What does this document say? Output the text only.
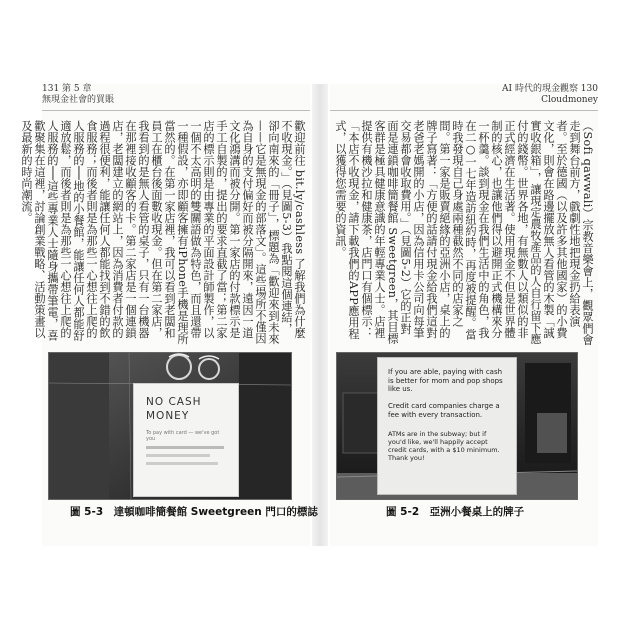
131 第 5 章
無現金社會的買賬
歡迎前往 bit.ly/cashless 了解我們為什麼不收現金。」（見圖5-3）我點閱這個連結，卻向南來的「冊子」，標題為「歡迎來到未來——它是無現金的部落文」。這些場所不僅因為自身的支付偏好而被分隔開來，遠因一道文化鴻溝而被分開。第一家店的付款標示是手工自製的，提出的要求直截了當；第二家店的標示則是由專業的平面設計師製作，以一個不太高明的雙關語做為特色，而且還帶一種假設，亦即顧客擁有iPhone手機是理所當然的。在第一家店裡，我可以看到老闆和員工在櫃台後面數收現金。但在第二家店，我看到的是無人看管的桌子，只有一台機器在那裡接收顧客的卡。第二家店是一個連鎖店，老闆建立的網站上，因為消費者付款的過程很便利，能讓任何人都能找到不錯的飲食服務；而後者則是為那些一心想往上爬的人服務的──地的小餐館，能讓任何人都能舒適放鬆，而後者則是為那些一心想往上爬的人服務的──這些專業人士隨身攜帶筆電，喜歡聚集在這裡，討論創業戰略、活動策畫以及最新的時尚潮流。
NO CASH
MONEY
To pay with card — we've got you
圖 5-3　達頓咖啡簡餐館 Sweetgreen 門口的標誌
AI 時代的現金觀察 130
Cloudmoney
（Sofi qawwali）宗教音樂會上，觀眾們會走到舞台前方，戲劇性地把現金扔給表演者。至於德國（以及許多其他國家）的小費文化，則會在路邊擺放無人看管的木製「誠實收銀箱」，讓現定農牧產品的人自行留下應付的錢幣。世界各地，有無數人以類似的非正式經濟在生活著。使用現金不但是世界體制的核心，也讓他們得以避開正式機構來分一杯羹。談到現金在我們生活中的角色，我在二○一七年造訪紐約時，再度被提醒。當時我發現自己身處兩種截然不同的店家之間。第一家是販賣絕緣的亞洲小店，桌上的牌子寫著：「方便的話請付現金給我們這對老爸老媽開的小店，因為信用卡公司向每筆交易都會收取費用。」（見圖5-2）它的正對面是連鎖咖啡簡餐館 Sweetgreen，其目標客群是極具健康意識的年輕專業人士。店裡提供有機沙拉和健康茶，店門口有個標示：「本店不收現金，請下載我們的APP應用程式，以獲得您需要的資訊。
If you are able, paying with cash is better for mom and pop shops like us.
Credit card companies charge a fee with every transaction.
ATMs are in the subway; but if you'd like, we'll happily accept credit cards, with a $10 minimum. Thank you!
圖 5-2　亞洲小餐桌上的牌子
